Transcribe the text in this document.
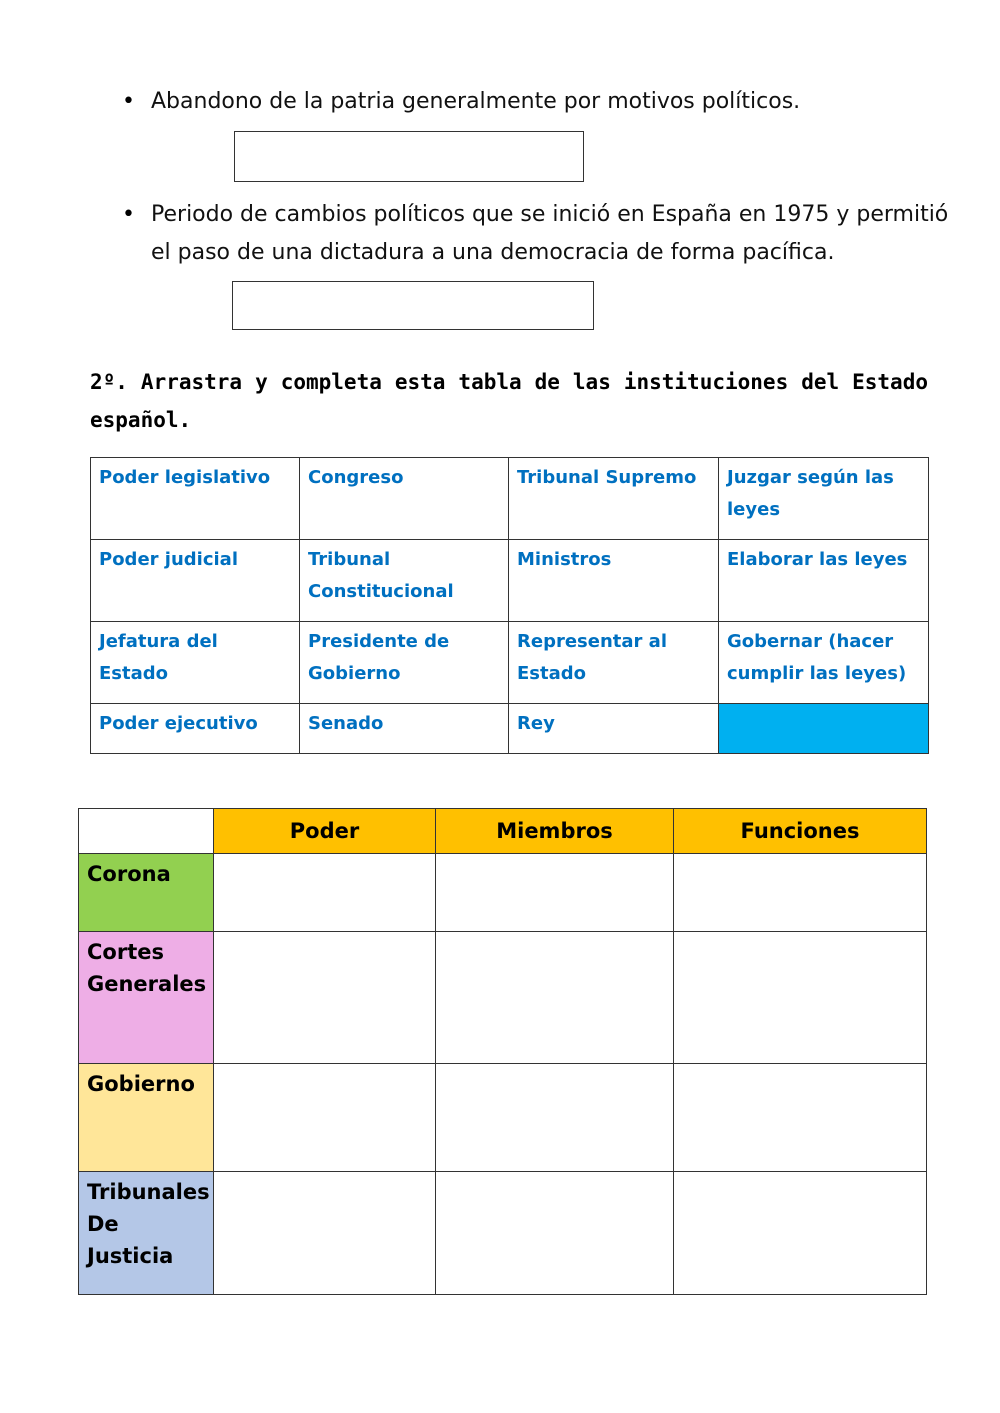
• Abandono de la patria generalmente por motivos políticos.
• Periodo de cambios políticos que se inició en España en 1975 y permitió
el paso de una dictadura a una democracia de forma pacífica.
2º. Arrastra y completa esta tabla de las instituciones del Estado español.
Poder legislativo	Congreso	Tribunal Supremo	Juzgar según las leyes
Poder judicial	Tribunal Constitucional	Ministros	Elaborar las leyes
Jefatura del Estado	Presidente de Gobierno	Representar al Estado	Gobernar (hacer cumplir las leyes)
Poder ejecutivo	Senado	Rey	
	Poder	Miembros	Funciones
Corona			
Cortes Generales			
Gobierno			
Tribunales De Justicia			
